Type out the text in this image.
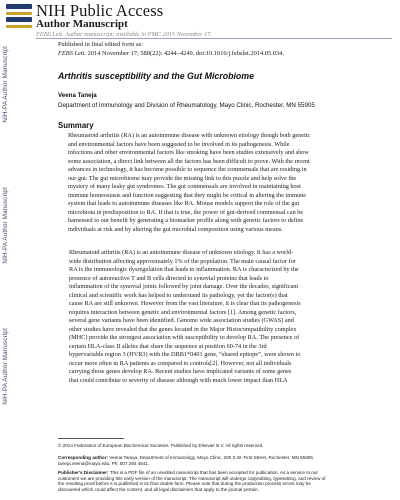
NIH Public Access
Author Manuscript
FEBS Lett. Author manuscript; available in PMC 2015 November 17.
NIH-PA Author Manuscript
NIH-PA Author Manuscript
NIH-PA Author Manuscript
Published in final edited form as:
FEBS Lett. 2014 November 17; 588(22): 4244–4249. doi:10.1016/j.febslet.2014.05.034.
Arthritis susceptibility and the Gut Microbiome
Veena Taneja
Department of Immunology and Division of Rheumatology, Mayo Clinic, Rochester, MN 55905
Summary
Rheumatoid arthritis (RA) is an autoimmune disease with unknown etiology though both genetic
and environmental factors have been suggested to be involved in its pathogenesis. While
infections and other environmental factors like smoking have been studies extensively and show
some association, a direct link between all the factors has been difficult to prove. With the recent
advances in technology, it has become possible to sequence the commensals that are residing in
our gut. The gut microbiome may provide the missing link to this puzzle and help solve the
mystery of many leaky gut syndromes. The gut commensals are involved in maintaining host
immune homeostasis and function suggesting that they might be critical in altering the immune
system that leads to autoimmune diseases like RA. Mouse models support the role of the gut
microbiota in predisposition to RA. If that is true, the power of gut-derived commensal can be
harnessed to our benefit by generating a biomarker profile along with genetic factors to define
individuals at risk and by altering the gut microbial composition using various means.
Rheumatoid arthritis (RA) is an autoimmune disease of unknown etiology. It has a world-
wide distribution affecting approximately 1% of the population. The main causal factor for
RA is the immunologic dysregulation that leads to inflammation. RA is characterized by the
presence of autoreactive T and B cells directed to synovial proteins that leads to
inflammation of the synovial joints followed by joint damage. Over the decades, significant
clinical and scientific work has helped to understand its pathology, yet the factor(s) that
cause RA are still unknown. However from the vast literature, it is clear that its pathogenesis
requires interaction between genetic and environmental factors [1]. Among genetic factors,
several gene variants have been identified. Genome wide association studies (GWAS) and
other studies have revealed that the genes located in the Major Histocompatibility complex
(MHC) provide the strongest association with susceptibility to develop RA. The presence of
certain HLA-class II alleles that share the sequence at position 60-74 in the 3rd
hypervariable region 3 (HVR3) with the DRB1*0401 gene, “shared epitope”, were shown to
occur more often in RA patients as compared to controls[2]. However, not all individuals
carrying those genes develop RA. Recent studies have implicated variants of some genes
that could contribute to severity of disease although with much lower impact than HLA
© 2014 Federation of European Biochemical Societies. Published by Elsevier B.V. All rights reserved.
Corresponding author: Veena Taneja, Department of Immunology, Mayo Clinic, 200 S.W. First Street, Rochester, MN 55905,
taneja.veena@mayo.edu, Ph: 507 284 4541.
Publisher's Disclaimer: This is a PDF file of an unedited manuscript that has been accepted for publication. As a service to our
customers we are providing this early version of the manuscript. The manuscript will undergo copyediting, typesetting, and review of
the resulting proof before it is published in its final citable form. Please note that during the production process errors may be
discovered which could affect the content, and all legal disclaimers that apply to the journal pertain.
